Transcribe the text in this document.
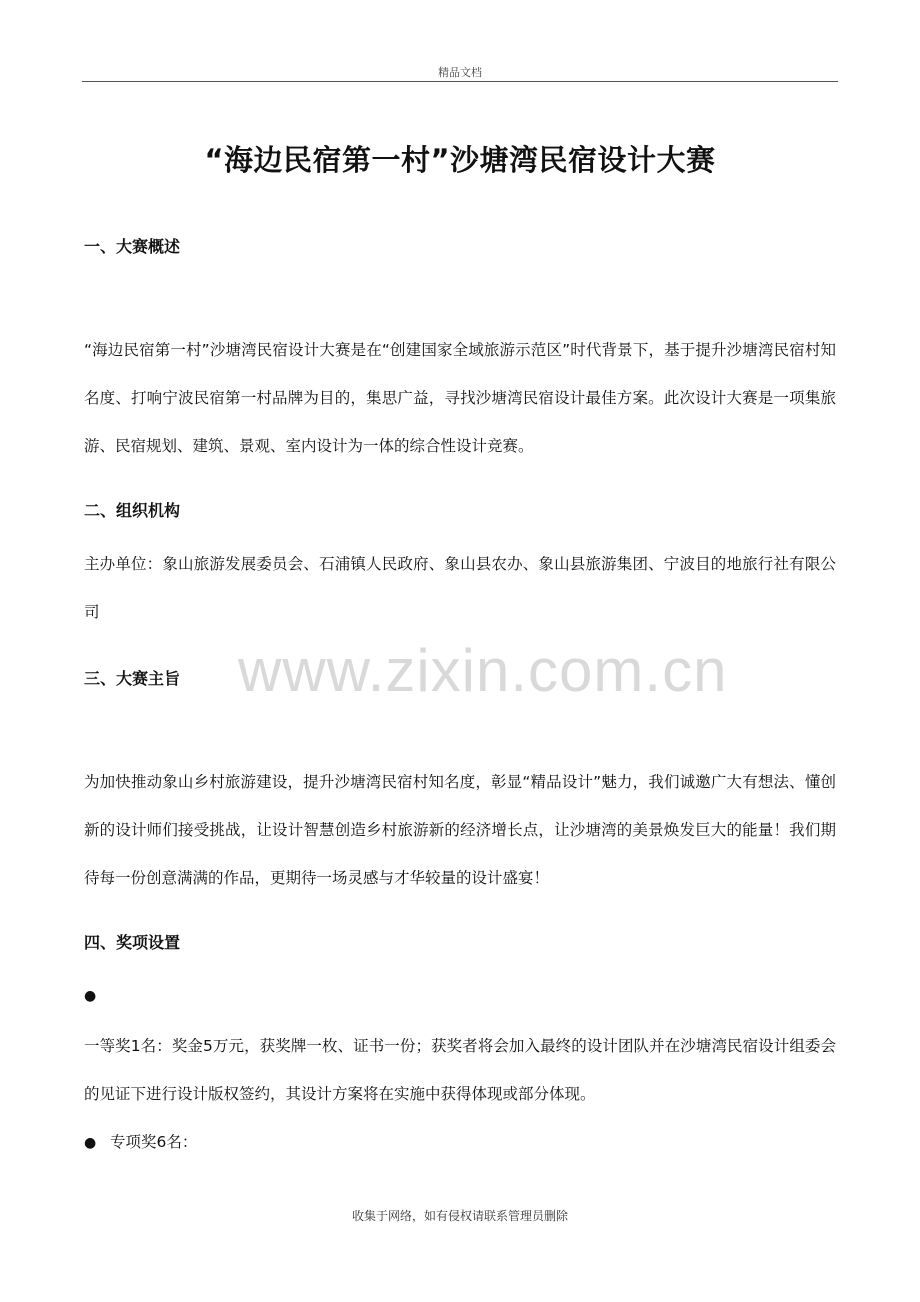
精品文档
“海边民宿第一村”沙塘湾民宿设计大赛
一、大赛概述
“海边民宿第一村”沙塘湾民宿设计大赛是在“创建国家全域旅游示范区”时代背景下，基于提升沙塘湾民宿村知名度、打响宁波民宿第一村品牌为目的，集思广益，寻找沙塘湾民宿设计最佳方案。此次设计大赛是一项集旅游、民宿规划、建筑、景观、室内设计为一体的综合性设计竞赛。
二、组织机构
主办单位：象山旅游发展委员会、石浦镇人民政府、象山县农办、象山县旅游集团、宁波目的地旅行社有限公司
三、大赛主旨
为加快推动象山乡村旅游建设，提升沙塘湾民宿村知名度，彰显“精品设计”魅力，我们诚邀广大有想法、懂创新的设计师们接受挑战，让设计智慧创造乡村旅游新的经济增长点，让沙塘湾的美景焕发巨大的能量！我们期待每一份创意满满的作品，更期待一场灵感与才华较量的设计盛宴！
四、奖项设置
●
一等奖1名：奖金5万元，获奖牌一枚、证书一份；获奖者将会加入最终的设计团队并在沙塘湾民宿设计组委会的见证下进行设计版权签约，其设计方案将在实施中获得体现或部分体现。
● 专项奖6名：
www.zixin.com.cn
收集于网络，如有侵权请联系管理员删除
